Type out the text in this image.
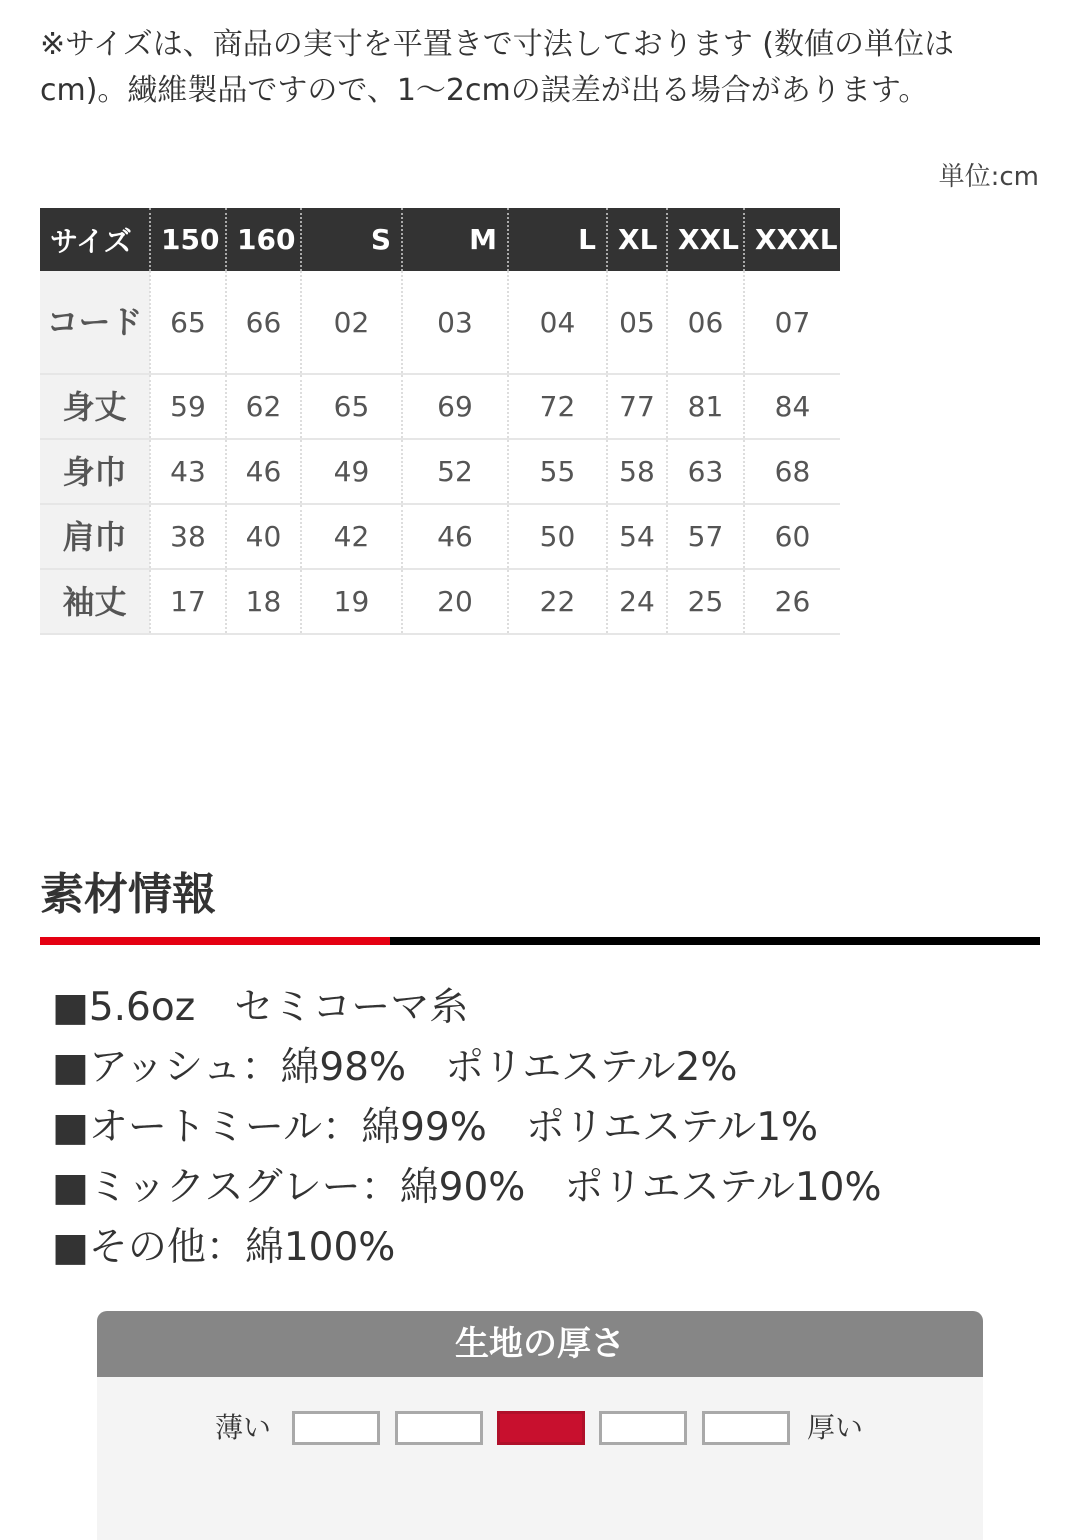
※サイズは、商品の実寸を平置きで寸法しております (数値の単位はcm)。繊維製品ですので、1〜2cmの誤差が出る場合があります。
単位:cm
サイズ	150	160	S	M	L	XL	XXL	XXXL
コード	65	66	02	03	04	05	06	07
身丈	59	62	65	69	72	77	81	84
身巾	43	46	49	52	55	58	63	68
肩巾	38	40	42	46	50	54	57	60
袖丈	17	18	19	20	22	24	25	26
素材情報
■5.6oz　セミコーマ糸
■アッシュ：綿98%　ポリエステル2%
■オートミール：綿99%　ポリエステル1%
■ミックスグレー：綿90%　ポリエステル10%
■その他：綿100%
生地の厚さ
薄い	厚い
